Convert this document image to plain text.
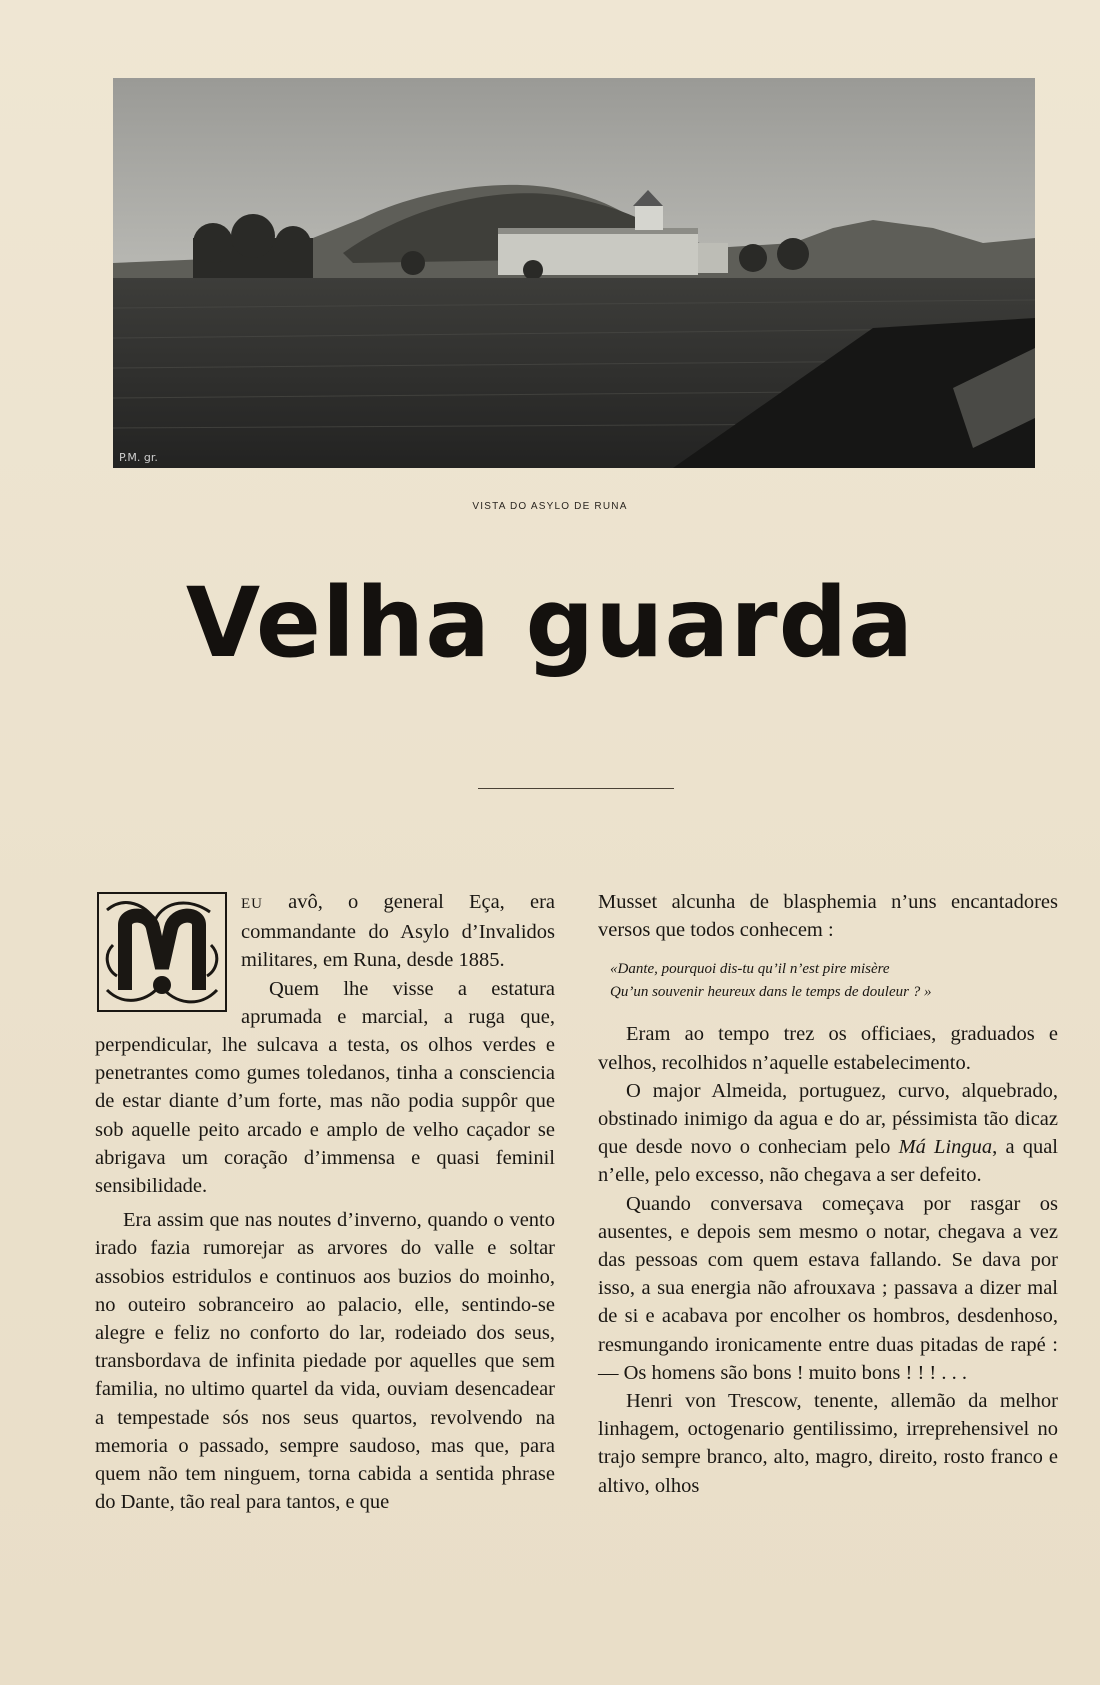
P.M. gr.
VISTA DO ASYLO DE RUNA
Velha guarda

EU avô, o general Eça, era commandante do Asylo d’Invalidos militares, em Runa, desde 1885.

Quem lhe visse a estatura aprumada e marcial, a ruga que, perpendicular, lhe sulcava a testa, os olhos verdes e penetrantes como gumes toledanos, tinha a consciencia de estar diante d’um forte, mas não podia suppôr que sob aquelle peito arcado e amplo de velho caçador se abrigava um coração d’immensa e quasi feminil sensibilidade.

Era assim que nas noutes d’inverno, quando o vento irado fazia rumorejar as arvores do valle e soltar assobios estridulos e continuos aos buzios do moinho, no outeiro sobranceiro ao palacio, elle, sentindo-se alegre e feliz no conforto do lar, rodeiado dos seus, transbordava de infinita piedade por aquelles que sem familia, no ultimo quartel da vida, ouviam desencadear a tempestade sós nos seus quartos, revolvendo na memoria o passado, sempre saudoso, mas que, para quem não tem ninguem, torna cabida a sentida phrase do Dante, tão real para tantos, e que

Musset alcunha de blasphemia n’uns encantadores versos que todos conhecem :

«Dante, pourquoi dis-tu qu’il n’est pire misère
Qu’un souvenir heureux dans le temps de douleur ? »

Eram ao tempo trez os officiaes, graduados e velhos, recolhidos n’aquelle estabelecimento.

O major Almeida, portuguez, curvo, alquebrado, obstinado inimigo da agua e do ar, péssimista tão dicaz que desde novo o conheciam pelo Má Lingua, a qual n’elle, pelo excesso, não chegava a ser defeito.

Quando conversava começava por rasgar os ausentes, e depois sem mesmo o notar, chegava a vez das pessoas com quem estava fallando. Se dava por isso, a sua energia não afrouxava ; passava a dizer mal de si e acabava por encolher os hombros, desdenhoso, resmungando ironicamente entre duas pitadas de rapé : — Os homens são bons ! muito bons ! ! ! . . .

Henri von Trescow, tenente, allemão da melhor linhagem, octogenario gentilissimo, irreprehensivel no trajo sempre branco, alto, magro, direito, rosto franco e altivo, olhos
